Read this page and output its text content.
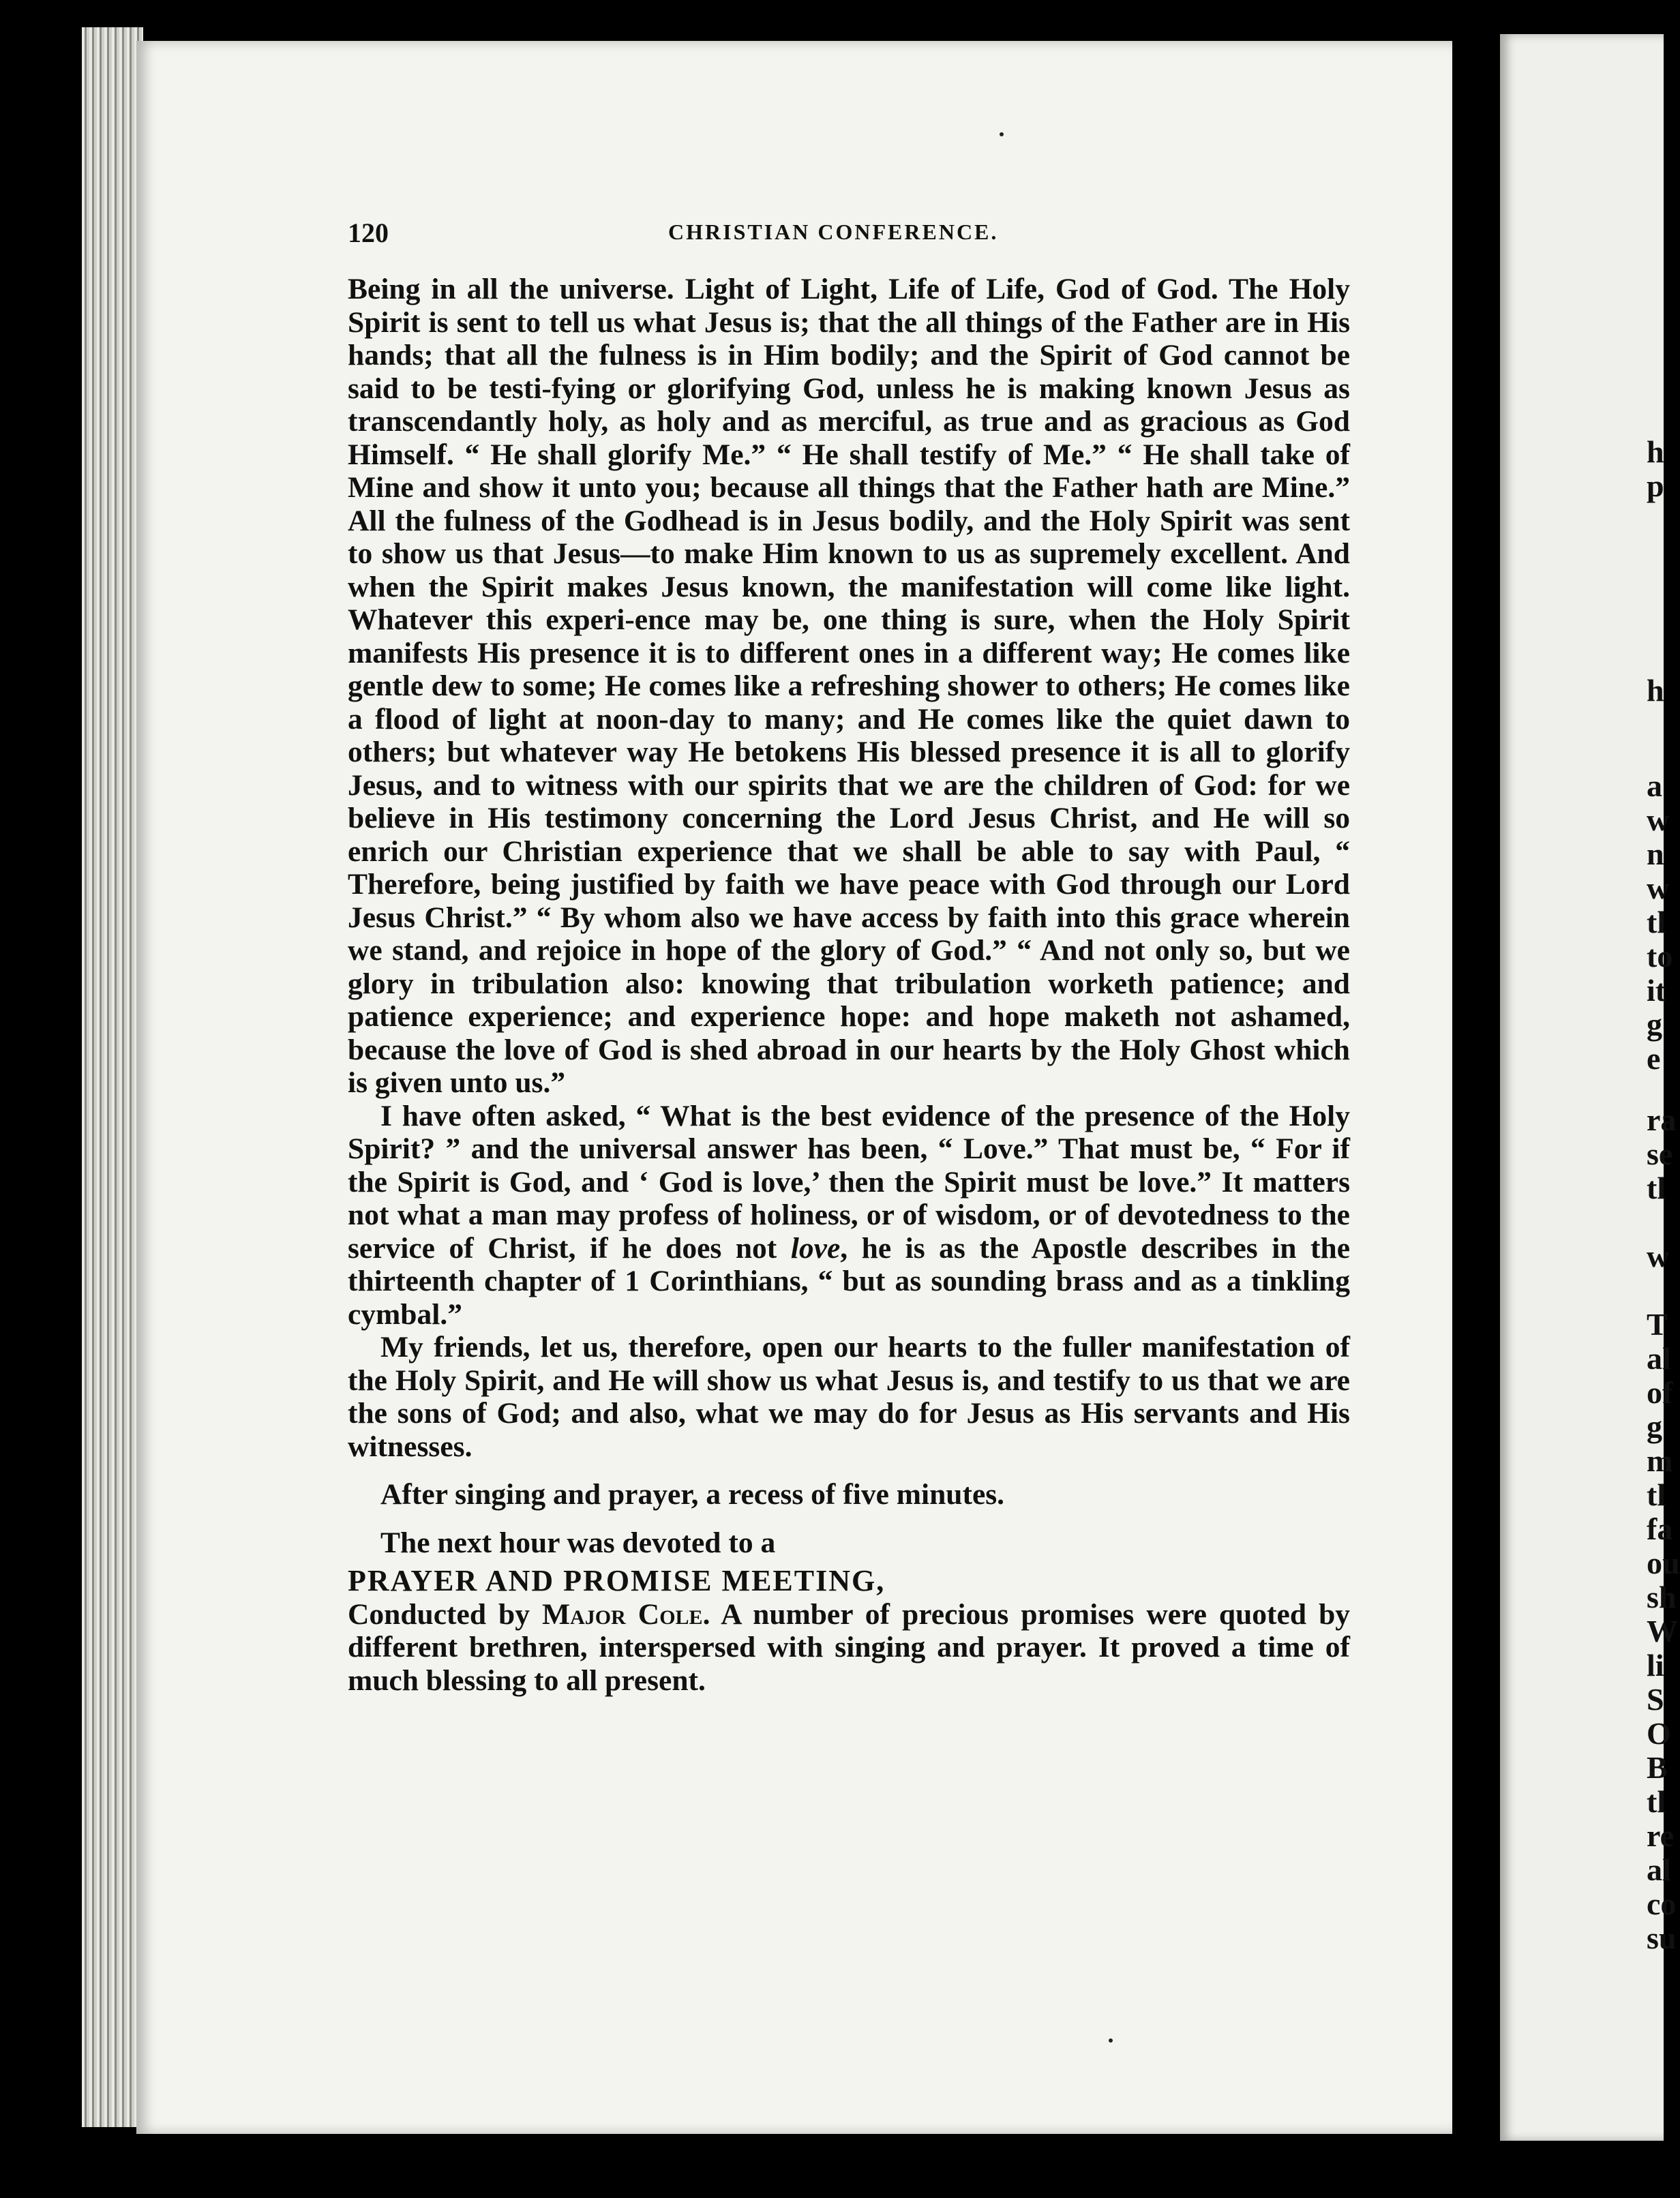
h
p
h
a
w
n
w
tl
to
it
g
e
ra
se
tl
w
T
al
of
g
m
tl
fa
ou
sh
W
li
S
O
B
tl
re
al
co
su
120	CHRISTIAN CONFERENCE.

Being in all the universe. Light of Light, Life of Life, God of God. The Holy Spirit is sent to tell us what Jesus is; that the all things of the Father are in His hands; that all the fulness is in Him bodily; and the Spirit of God cannot be said to be testi-fying or glorifying God, unless he is making known Jesus as transcendantly holy, as holy and as merciful, as true and as gracious as God Himself. “ He shall glorify Me.” “ He shall testify of Me.” “ He shall take of Mine and show it unto you; because all things that the Father hath are Mine.” All the fulness of the Godhead is in Jesus bodily, and the Holy Spirit was sent to show us that Jesus—to make Him known to us as supremely excellent. And when the Spirit makes Jesus known, the manifestation will come like light. Whatever this experi-ence may be, one thing is sure, when the Holy Spirit manifests His presence it is to different ones in a different way; He comes like gentle dew to some; He comes like a refreshing shower to others; He comes like a flood of light at noon-day to many; and He comes like the quiet dawn to others; but whatever way He betokens His blessed presence it is all to glorify Jesus, and to witness with our spirits that we are the children of God: for we believe in His testimony concerning the Lord Jesus Christ, and He will so enrich our Christian experience that we shall be able to say with Paul, “ Therefore, being justified by faith we have peace with God through our Lord Jesus Christ.” “ By whom also we have access by faith into this grace wherein we stand, and rejoice in hope of the glory of God.” “ And not only so, but we glory in tribulation also: knowing that tribulation worketh patience; and patience experience; and experience hope: and hope maketh not ashamed, because the love of God is shed abroad in our hearts by the Holy Ghost which is given unto us.”

I have often asked, “ What is the best evidence of the presence of the Holy Spirit? ” and the universal answer has been, “ Love.” That must be, “ For if the Spirit is God, and ‘ God is love,’ then the Spirit must be love.” It matters not what a man may profess of holiness, or of wisdom, or of devotedness to the service of Christ, if he does not love, he is as the Apostle describes in the thirteenth chapter of 1 Corinthians, “ but as sounding brass and as a tinkling cymbal.”

My friends, let us, therefore, open our hearts to the fuller manifestation of the Holy Spirit, and He will show us what Jesus is, and testify to us that we are the sons of God; and also, what we may do for Jesus as His servants and His witnesses.

After singing and prayer, a recess of five minutes.

The next hour was devoted to a

PRAYER AND PROMISE MEETING,

Conducted by Major Cole. A number of precious promises were quoted by different brethren, interspersed with singing and prayer. It proved a time of much blessing to all present.
